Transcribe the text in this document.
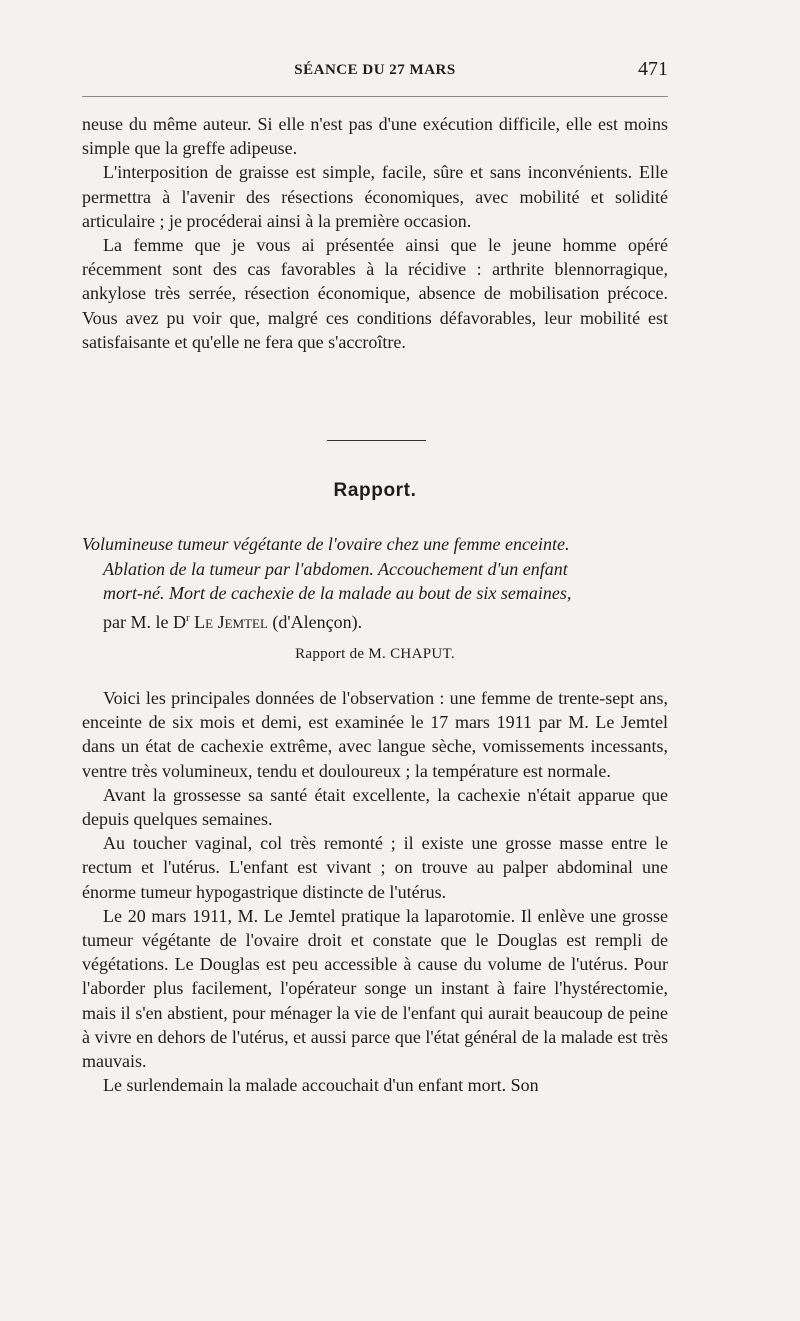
SÉANCE DU 27 MARS	471

neuse du même auteur. Si elle n'est pas d'une exécution difficile, elle est moins simple que la greffe adipeuse.

L'interposition de graisse est simple, facile, sûre et sans inconvénients. Elle permettra à l'avenir des résections économiques, avec mobilité et solidité articulaire ; je procéderai ainsi à la première occasion.

La femme que je vous ai présentée ainsi que le jeune homme opéré récemment sont des cas favorables à la récidive : arthrite blennorragique, ankylose très serrée, résection économique, absence de mobilisation précoce. Vous avez pu voir que, malgré ces conditions défavorables, leur mobilité est satisfaisante et qu'elle ne fera que s'accroître.

Rapport.
Volumineuse tumeur végétante de l'ovaire chez une femme enceinte.
Ablation de la tumeur par l'abdomen. Accouchement d'un enfant
mort-né. Mort de cachexie de la malade au bout de six semaines,
par M. le $D^r$ Le Jemtel (d'Alençon).
Rapport de M. CHAPUT.

Voici les principales données de l'observation : une femme de trente-sept ans, enceinte de six mois et demi, est examinée le 17 mars 1911 par M. Le Jemtel dans un état de cachexie extrême, avec langue sèche, vomissements incessants, ventre très volumineux, tendu et douloureux ; la température est normale.

Avant la grossesse sa santé était excellente, la cachexie n'était apparue que depuis quelques semaines.

Au toucher vaginal, col très remonté ; il existe une grosse masse entre le rectum et l'utérus. L'enfant est vivant ; on trouve au palper abdominal une énorme tumeur hypogastrique distincte de l'utérus.

Le 20 mars 1911, M. Le Jemtel pratique la laparotomie. Il enlève une grosse tumeur végétante de l'ovaire droit et constate que le Douglas est rempli de végétations. Le Douglas est peu accessible à cause du volume de l'utérus. Pour l'aborder plus facilement, l'opérateur songe un instant à faire l'hystérectomie, mais il s'en abstient, pour ménager la vie de l'enfant qui aurait beaucoup de peine à vivre en dehors de l'utérus, et aussi parce que l'état général de la malade est très mauvais.

Le surlendemain la malade accouchait d'un enfant mort. Son
